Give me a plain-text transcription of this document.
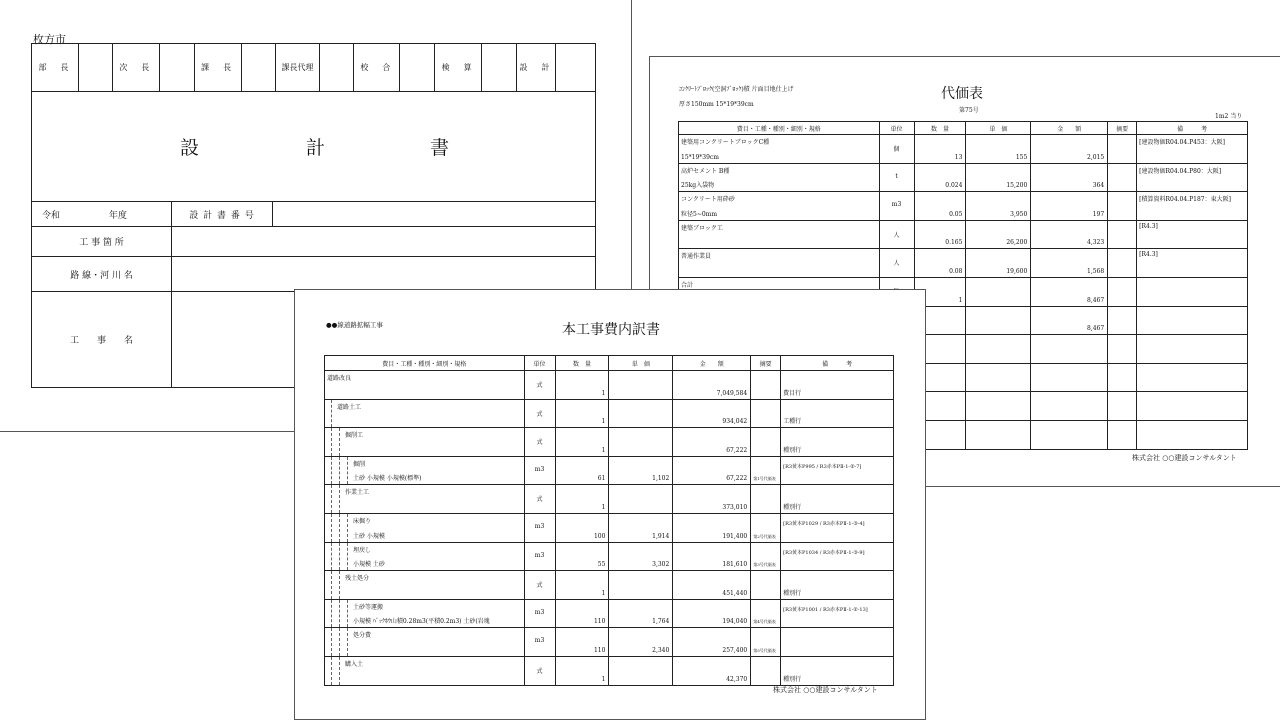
枚方市
部　長		次　長		課　長		課長代理		校　合		検　算		設　計	
設	計	書
令和 年度	設 計 書 番 号	
工 事 箇 所		
路 線・河 川 名		
工　　事　　名		
ｺﾝｸﾘｰﾄﾌﾞﾛｯｸ(空洞ﾌﾞﾛｯｸ)積 片面目地仕上げ
厚さ150mm 15*19*39cm
代価表
第75号
1m2 当り
費目・工種・種別・細別・規格	単位	数　量	単　価	金　　額	摘要	備　　　考

建築用コンクリートブロックC種
15*19*39cm	個	13	155	2,015		[建設物価R04.04.P453：大阪]

高炉セメント B種
25kg入袋物	t	0.024	15,200	364		[建設物価R04.04.P80：大阪]

コンクリート用砕砂
粒径5~0mm	m3	0.05	3,950	197		[積算資料R04.04.P187：東大阪]

建築ブロック工	人	0.165	26,200	4,323		[R4.3]

普通作業員	人	0.08	19,600	1,568		[R4.3]

合計		1		8,467		

				8,467		

株式会社 ○○建設コンサルタント
●●線道路拡幅工事	本工事費内訳書
費目・工種・種別・細別・規格	単位	数　量	単　価	金　　額	摘要	備　　　考

道路改良	式	1		7,049,584		費目行

道路土工	式	1		934,042		工種行

掘削工	式	1		67,222		種別行

掘削
土砂 小規模 小規模(標準)	m3	61	1,102	67,222	第1号代価表	[R3黄本P995 / R3赤本PⅡ-1-②-7]

作業土工	式	1		373,010		種別行

床掘り
土砂 小規模	m3	100	1,914	191,400	第2号代価表	[R3黄本P1029 / R3赤本PⅡ-1-③-4]

埋戻し
小規模 土砂	m3	55	3,302	181,610	第3号代価表	[R3黄本P1034 / R3赤本PⅡ-1-③-9]

残土処分	式	1		451,440		種別行

土砂等運搬
小規模 ﾊﾞｯｸﾎｳ山積0.28m3(平積0.2m3) 土砂(岩塊	m3	110	1,764	194,040	第4号代価表	[R3黄本P1001 / R3赤本PⅡ-1-②-13]

処分費	m3	110	2,340	257,400	第5号代価表	

購入土	式	1		42,370		種別行
株式会社 ○○建設コンサルタント
